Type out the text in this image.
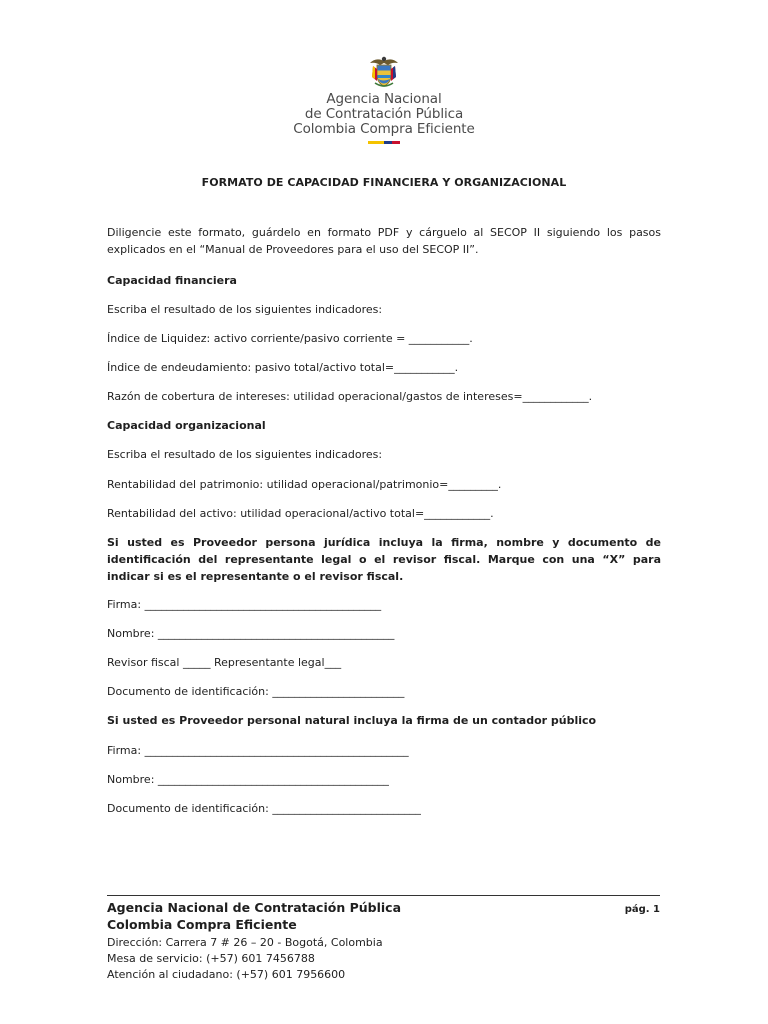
Agencia Nacional
de Contratación Pública
Colombia Compra Eficiente
FORMATO DE CAPACIDAD FINANCIERA Y ORGANIZACIONAL
Diligencie este formato, guárdelo en formato PDF y cárguelo al SECOP II siguiendo los pasos explicados en el “Manual de Proveedores para el uso del SECOP II”.
Capacidad financiera
Escriba el resultado de los siguientes indicadores:
Índice de Liquidez: activo corriente/pasivo corriente = ___________.
Índice de endeudamiento: pasivo total/activo total=___________.
Razón de cobertura de intereses: utilidad operacional/gastos de intereses=____________.
Capacidad organizacional
Escriba el resultado de los siguientes indicadores:
Rentabilidad del patrimonio: utilidad operacional/patrimonio=_________.
Rentabilidad del activo: utilidad operacional/activo total=____________.
Si usted es Proveedor persona jurídica incluya la firma, nombre y documento de identificación del representante legal o el revisor fiscal. Marque con una “X” para indicar si es el representante o el revisor fiscal.
Firma: ___________________________________________
Nombre: ___________________________________________
Revisor fiscal _____ Representante legal___
Documento de identificación: ________________________
Si usted es Proveedor personal natural incluya la firma de un contador público
Firma: ________________________________________________
Nombre: __________________________________________
Documento de identificación: ___________________________
Agencia Nacional de Contratación Pública
Colombia Compra Eficiente
pág. 1
Dirección: Carrera 7 # 26 – 20 - Bogotá, Colombia
Mesa de servicio: (+57) 601 7456788
Atención al ciudadano: (+57) 601 7956600
